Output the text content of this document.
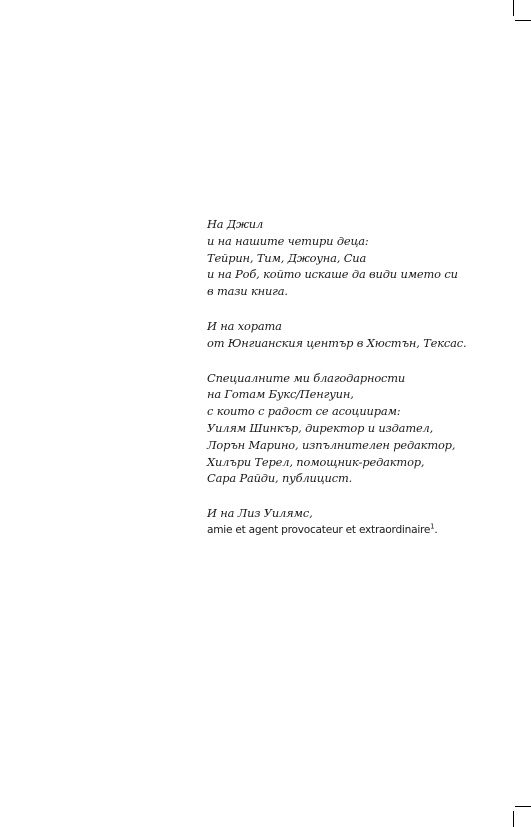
На Джил
и на нашите четири деца:
Тейрин, Тим, Джоуна, Сиа
и на Роб, който искаше да види името си
в тази книга.
И на хората
от Юнгианския център в Хюстън, Тексас.
Специалните ми благодарности
на Готам Букс/Пенгуин,
с които с радост се асоциирам:
Уилям Шинкър, директор и издател,
Лорън Марино, изпълнителен редактор,
Хилъри Терел, помощник-редактор,
Сара Райди, публицист.
И на Лиз Уилямс,
amie et agent provocateur et extraordinaire$^1$.
